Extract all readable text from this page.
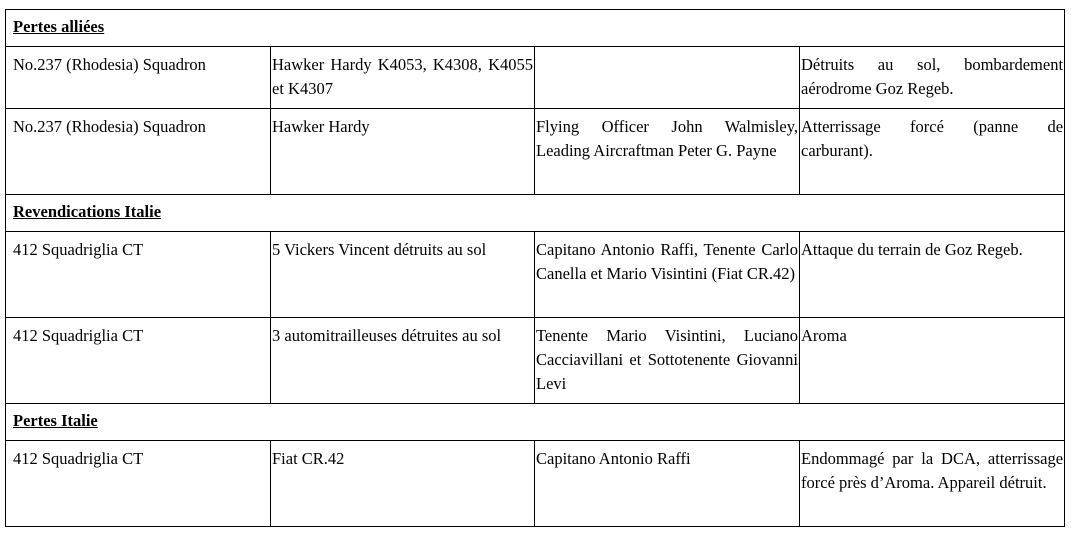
Pertes alliées			
No.237 (Rhodesia) Squadron	Hawker Hardy K4053, K4308, K4055 et K4307		Détruits au sol, bombardement aérodrome Goz Regeb.
No.237 (Rhodesia) Squadron	Hawker Hardy	Flying Officer John Walmisley, Leading Aircraftman Peter G. Payne	Atterrissage forcé (panne de carburant).
Revendications Italie			
412 Squadriglia CT	5 Vickers Vincent détruits au sol	Capitano Antonio Raffi, Tenente Carlo Canella et Mario Visintini (Fiat CR.42)	Attaque du terrain de Goz Regeb.
412 Squadriglia CT	3 automitrailleuses détruites au sol	Tenente Mario Visintini, Luciano Cacciavillani et Sottotenente Giovanni Levi	Aroma
Pertes Italie			
412 Squadriglia CT	Fiat CR.42	Capitano Antonio Raffi	Endommagé par la DCA, atterrissage forcé près d’Aroma. Appareil détruit.
